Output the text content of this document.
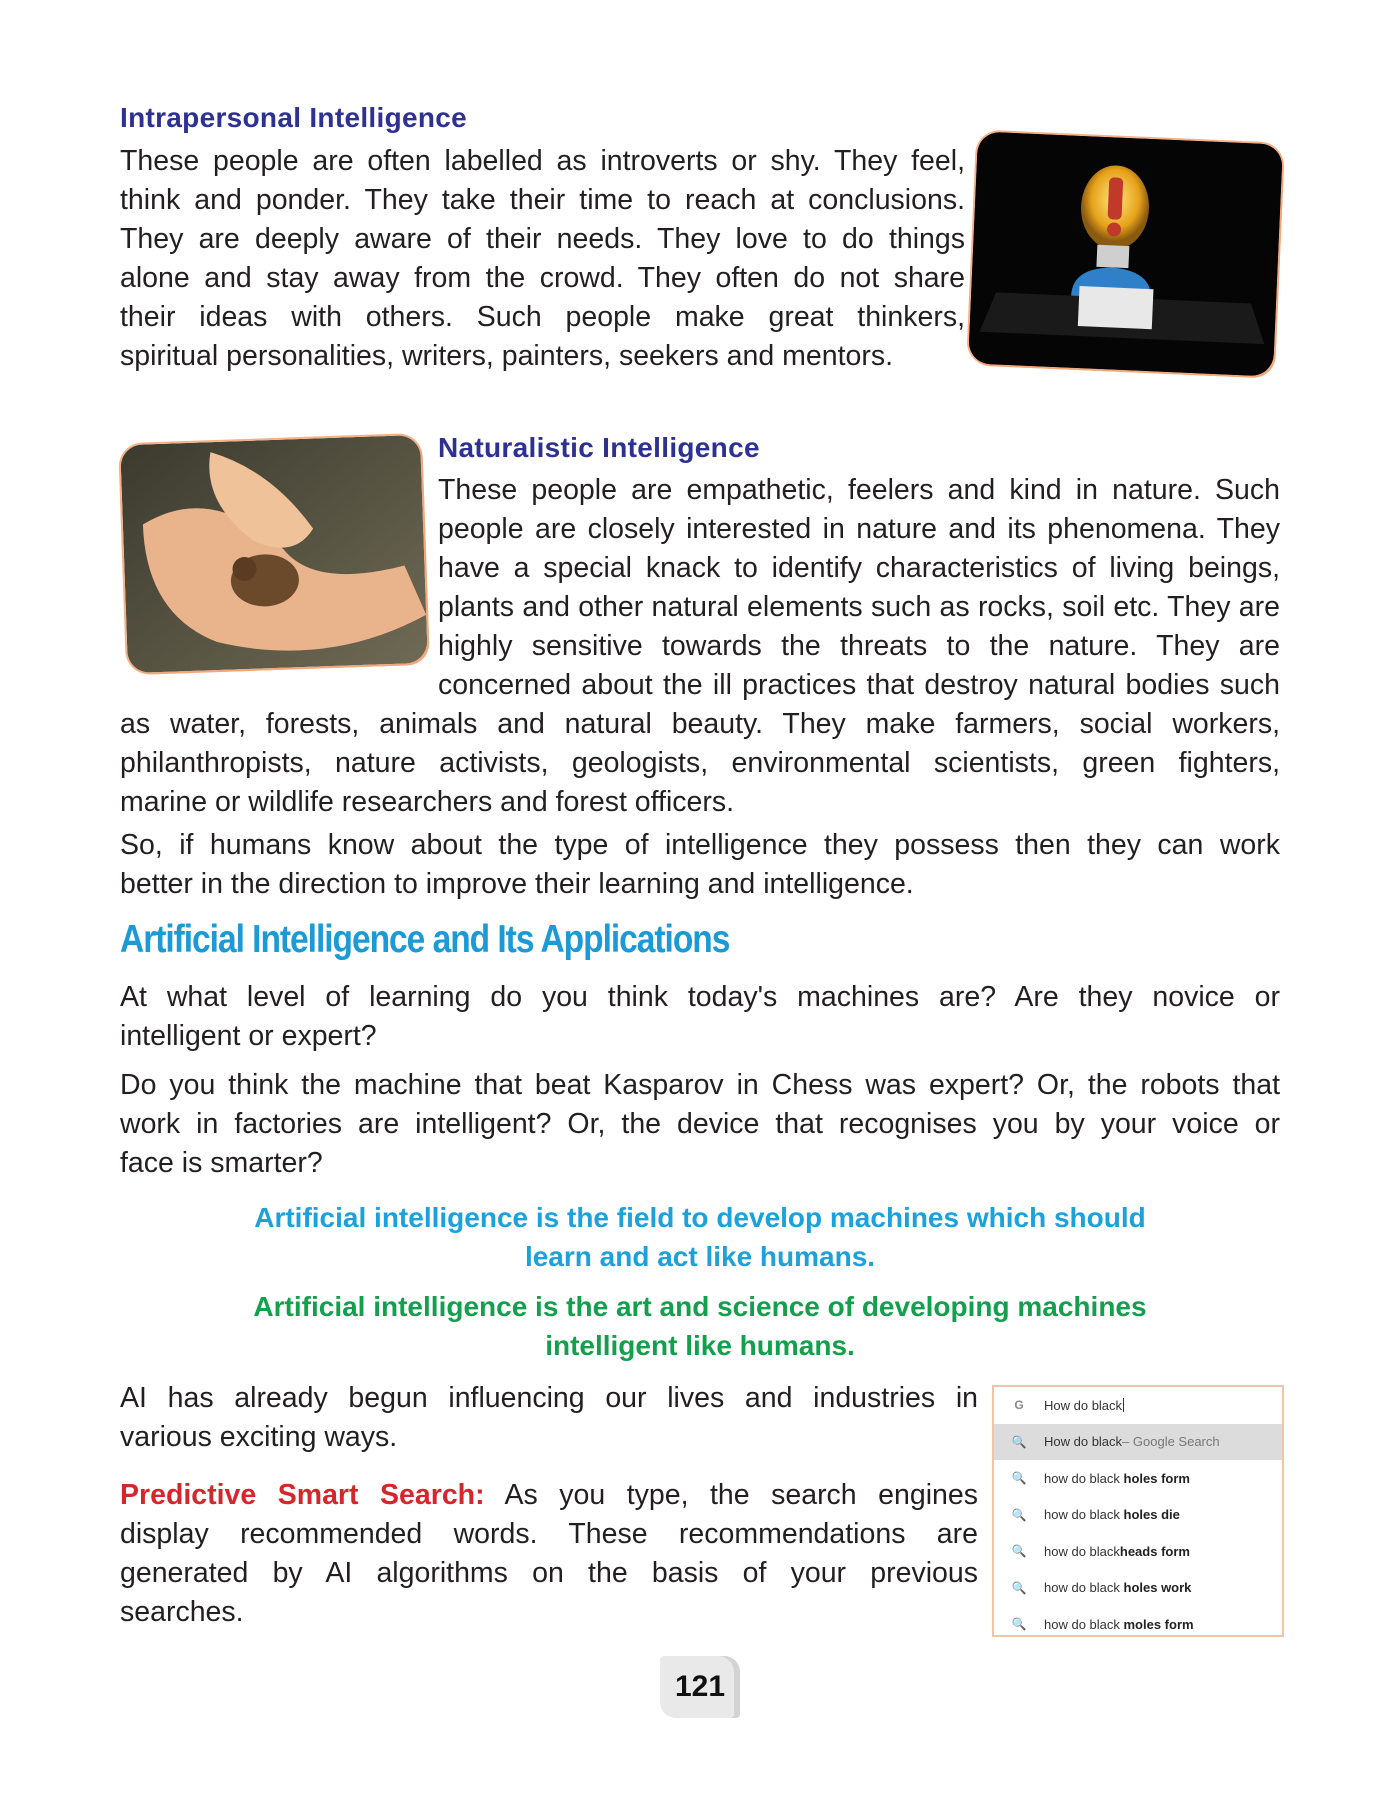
Intrapersonal Intelligence
These people are often labelled as introverts or shy. They feel,
think and ponder. They take their time to reach at conclusions.
They are deeply aware of their needs. They love to do things
alone and stay away from the crowd. They often do not share
their ideas with others. Such people make great thinkers,
spiritual personalities, writers, painters, seekers and mentors.
Naturalistic Intelligence
These people are empathetic, feelers and kind in nature. Such
people are closely interested in nature and its phenomena. They
have a special knack to identify characteristics of living beings,
plants and other natural elements such as rocks, soil etc. They are
highly sensitive towards the threats to the nature. They are
concerned about the ill practices that destroy natural bodies such
as water, forests, animals and natural beauty. They make farmers, social workers,
philanthropists, nature activists, geologists, environmental scientists, green fighters,
marine or wildlife researchers and forest officers.
So, if humans know about the type of intelligence they possess then they can work
better in the direction to improve their learning and intelligence.
Artificial Intelligence and Its Applications
At what level of learning do you think today's machines are? Are they novice or
intelligent or expert?
Do you think the machine that beat Kasparov in Chess was expert? Or, the robots that
work in factories are intelligent? Or, the device that recognises you by your voice or
face is smarter?
Artificial intelligence is the field to develop machines which should
learn and act like humans.
Artificial intelligence is the art and science of developing machines
intelligent like humans.
AI has already begun influencing our lives and industries in
various exciting ways.
Predictive Smart Search: As you type, the search engines
display recommended words. These recommendations are
generated by AI algorithms on the basis of your previous
searches.
G	How do black
🔍 How do black – Google Search
🔍 how do black holes form
🔍 how do black holes die
🔍 how do black heads form
🔍 how do black holes work
🔍 how do black moles form
121
